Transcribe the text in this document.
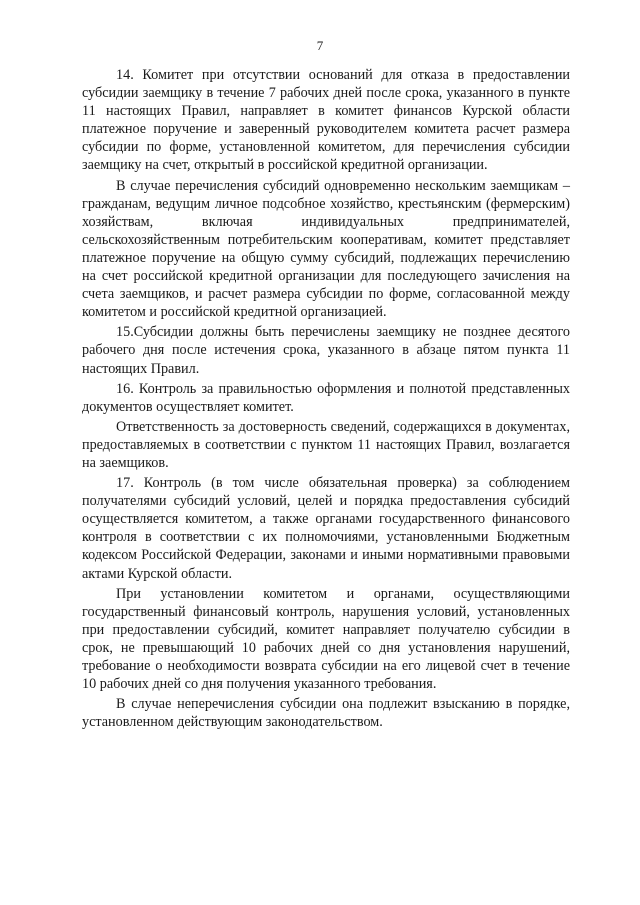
7

14. Комитет при отсутствии оснований для отказа в предоставлении субсидии заемщику в течение 7 рабочих дней после срока, указанного в пункте 11 настоящих Правил, направляет в комитет финансов Курской области платежное поручение и заверенный руководителем комитета расчет размера субсидии по форме, установленной комитетом, для перечисления субсидии заемщику на счет, открытый в российской кредитной организации.

В случае перечисления субсидий одновременно нескольким заемщикам – гражданам, ведущим личное подсобное хозяйство, крестьянским (фермерским) хозяйствам, включая индивидуальных предпринимателей, сельскохозяйственным потребительским кооперативам, комитет представляет платежное поручение на общую сумму субсидий, подлежащих перечислению на счет российской кредитной организации для последующего зачисления на счета заемщиков, и расчет размера субсидии по форме, согласованной между комитетом и российской кредитной организацией.

15.Субсидии должны быть перечислены заемщику не позднее десятого рабочего дня после истечения срока, указанного в абзаце пятом пункта 11 настоящих Правил.

16. Контроль за правильностью оформления и полнотой представленных документов осуществляет комитет.

Ответственность за достоверность сведений, содержащихся в документах, предоставляемых в соответствии с пунктом 11 настоящих Правил, возлагается на заемщиков.

17. Контроль (в том числе обязательная проверка) за соблюдением получателями субсидий условий, целей и порядка предоставления субсидий осуществляется комитетом, а также органами государственного финансового контроля в соответствии с их полномочиями, установленными Бюджетным кодексом Российской Федерации, законами и иными нормативными правовыми актами Курской области.

При установлении комитетом и органами, осуществляющими государственный финансовый контроль, нарушения условий, установленных при предоставлении субсидий, комитет направляет получателю субсидии в срок, не превышающий 10 рабочих дней со дня установления нарушений, требование о необходимости возврата субсидии на его лицевой счет в течение 10 рабочих дней со дня получения указанного требования.

В случае неперечисления субсидии она подлежит взысканию в порядке, установленном действующим законодательством.
